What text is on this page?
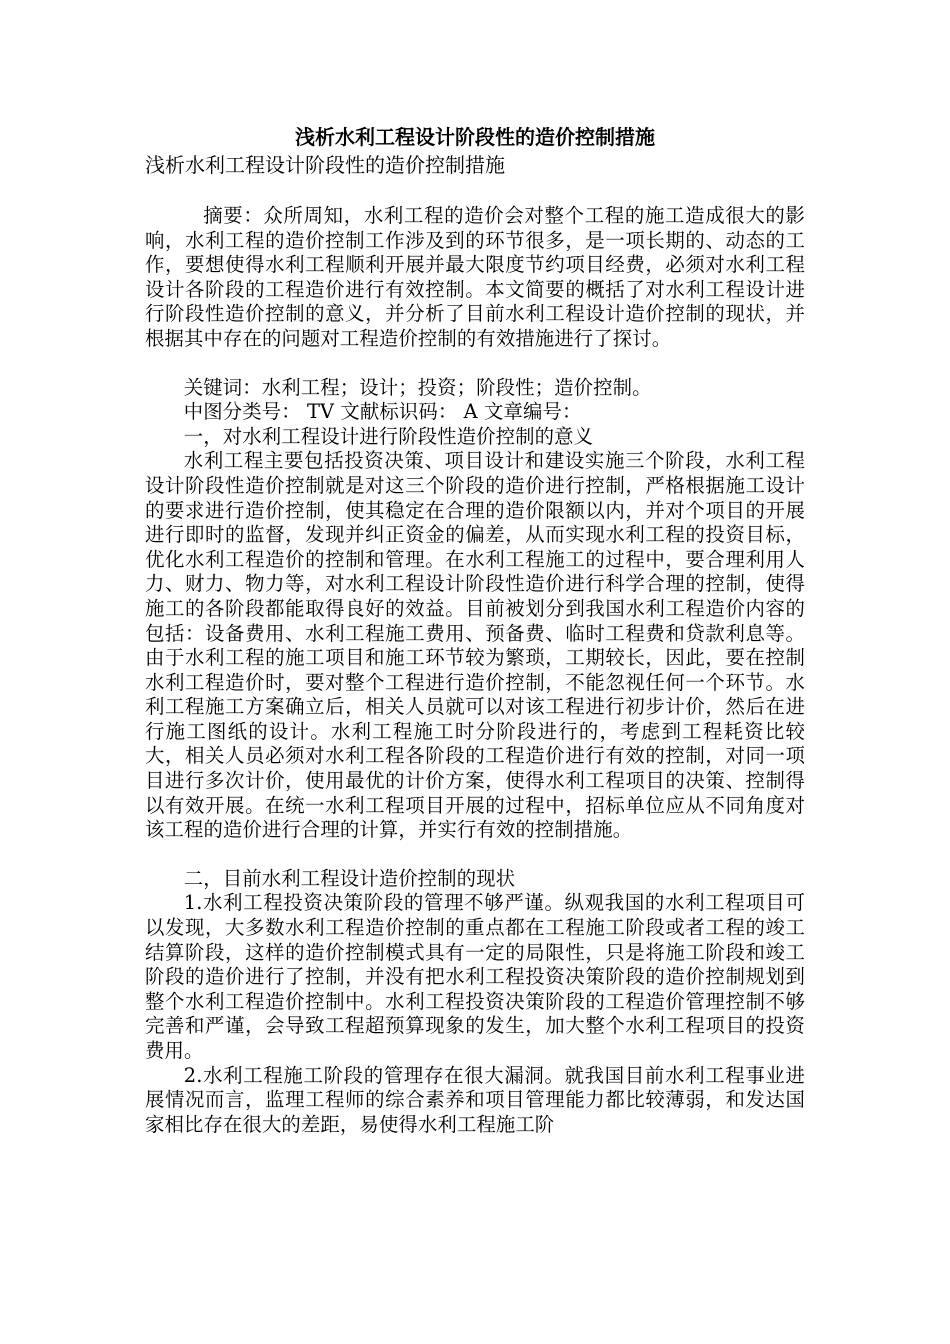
浅析水利工程设计阶段性的造价控制措施
浅析水利工程设计阶段性的造价控制措施

摘要：众所周知，水利工程的造价会对整个工程的施工造成很大的影响，水利工程的造价控制工作涉及到的环节很多，是一项长期的、动态的工作，要想使得水利工程顺利开展并最大限度节约项目经费，必须对水利工程设计各阶段的工程造价进行有效控制。本文简要的概括了对水利工程设计进行阶段性造价控制的意义，并分析了目前水利工程设计造价控制的现状，并根据其中存在的问题对工程造价控制的有效措施进行了探讨。

关键词：水利工程；设计；投资；阶段性；造价控制。

中图分类号： TV 文献标识码： A 文章编号：

一，对水利工程设计进行阶段性造价控制的意义

水利工程主要包括投资决策、项目设计和建设实施三个阶段，水利工程设计阶段性造价控制就是对这三个阶段的造价进行控制，严格根据施工设计的要求进行造价控制，使其稳定在合理的造价限额以内，并对个项目的开展进行即时的监督，发现并纠正资金的偏差，从而实现水利工程的投资目标，优化水利工程造价的控制和管理。在水利工程施工的过程中，要合理利用人力、财力、物力等，对水利工程设计阶段性造价进行科学合理的控制，使得施工的各阶段都能取得良好的效益。目前被划分到我国水利工程造价内容的包括：设备费用、水利工程施工费用、预备费、临时工程费和贷款利息等。由于水利工程的施工项目和施工环节较为繁琐，工期较长，因此，要在控制水利工程造价时，要对整个工程进行造价控制，不能忽视任何一个环节。水利工程施工方案确立后，相关人员就可以对该工程进行初步计价，然后在进行施工图纸的设计。水利工程施工时分阶段进行的，考虑到工程耗资比较大，相关人员必须对水利工程各阶段的工程造价进行有效的控制，对同一项目进行多次计价，使用最优的计价方案，使得水利工程项目的决策、控制得以有效开展。在统一水利工程项目开展的过程中，招标单位应从不同角度对该工程的造价进行合理的计算，并实行有效的控制措施。

二，目前水利工程设计造价控制的现状

1.水利工程投资决策阶段的管理不够严谨。纵观我国的水利工程项目可以发现，大多数水利工程造价控制的重点都在工程施工阶段或者工程的竣工结算阶段，这样的造价控制模式具有一定的局限性，只是将施工阶段和竣工阶段的造价进行了控制，并没有把水利工程投资决策阶段的造价控制规划到整个水利工程造价控制中。水利工程投资决策阶段的工程造价管理控制不够完善和严谨，会导致工程超预算现象的发生，加大整个水利工程项目的投资费用。

2.水利工程施工阶段的管理存在很大漏洞。就我国目前水利工程事业进展情况而言，监理工程师的综合素养和项目管理能力都比较薄弱，和发达国家相比存在很大的差距，易使得水利工程施工阶
